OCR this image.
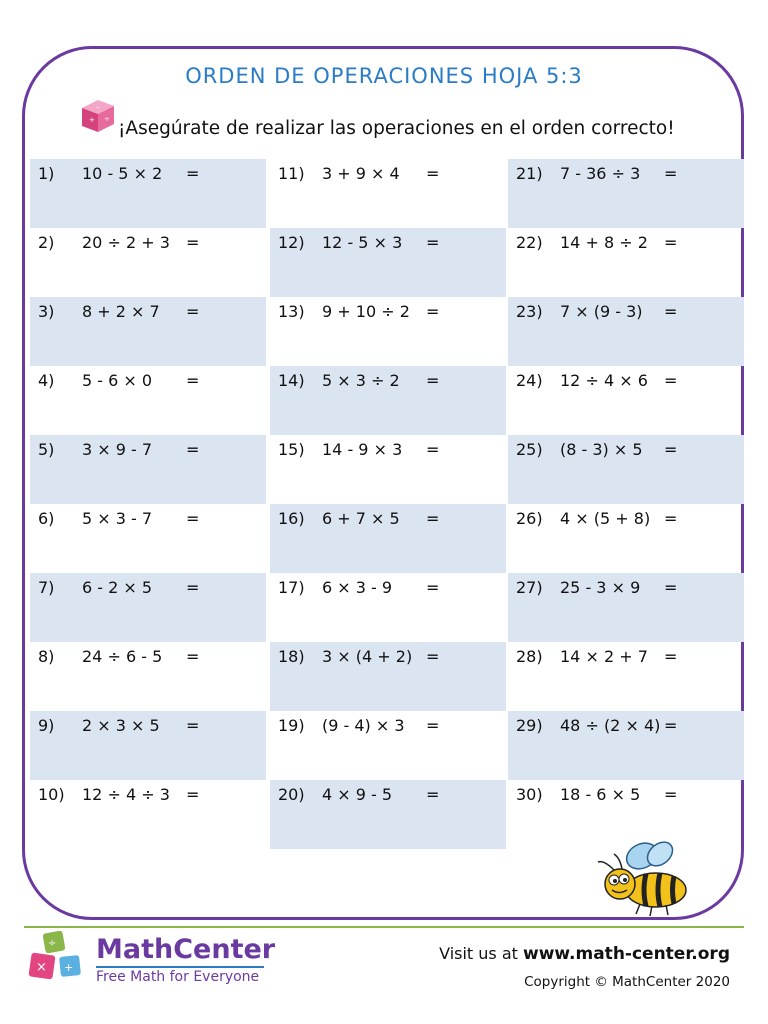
ORDEN DE OPERACIONES HOJA 5:3
+ ÷
−
¡Asegúrate de realizar las operaciones en el orden correcto!
1) 10 - 5 × 2 =
2) 20 ÷ 2 + 3 =
3) 8 + 2 × 7 =
4) 5 - 6 × 0 =
5) 3 × 9 - 7 =
6) 5 × 3 - 7 =
7) 6 - 2 × 5 =
8) 24 ÷ 6 - 5 =
9) 2 × 3 × 5 =
10) 12 ÷ 4 ÷ 3 =
11) 3 + 9 × 4 =
12) 12 - 5 × 3 =
13) 9 + 10 ÷ 2 =
14) 5 × 3 ÷ 2 =
15) 14 - 9 × 3 =
16) 6 + 7 × 5 =
17) 6 × 3 - 9 =
18) 3 × (4 + 2) =
19) (9 - 4) × 3 =
20) 4 × 9 - 5 =
21) 7 - 36 ÷ 3 =
22) 14 + 8 ÷ 2 =
23) 7 × (9 - 3) =
24) 12 ÷ 4 × 6 =
25) (8 - 3) × 5 =
26) 4 × (5 + 8) =
27) 25 - 3 × 9 =
28) 14 × 2 + 7 =
29) 48 ÷ (2 × 4) =
30) 18 - 6 × 5 =
÷
× +
MathCenter
Free Math for Everyone
Visit us at www.math-center.org
Copyright © MathCenter 2020
